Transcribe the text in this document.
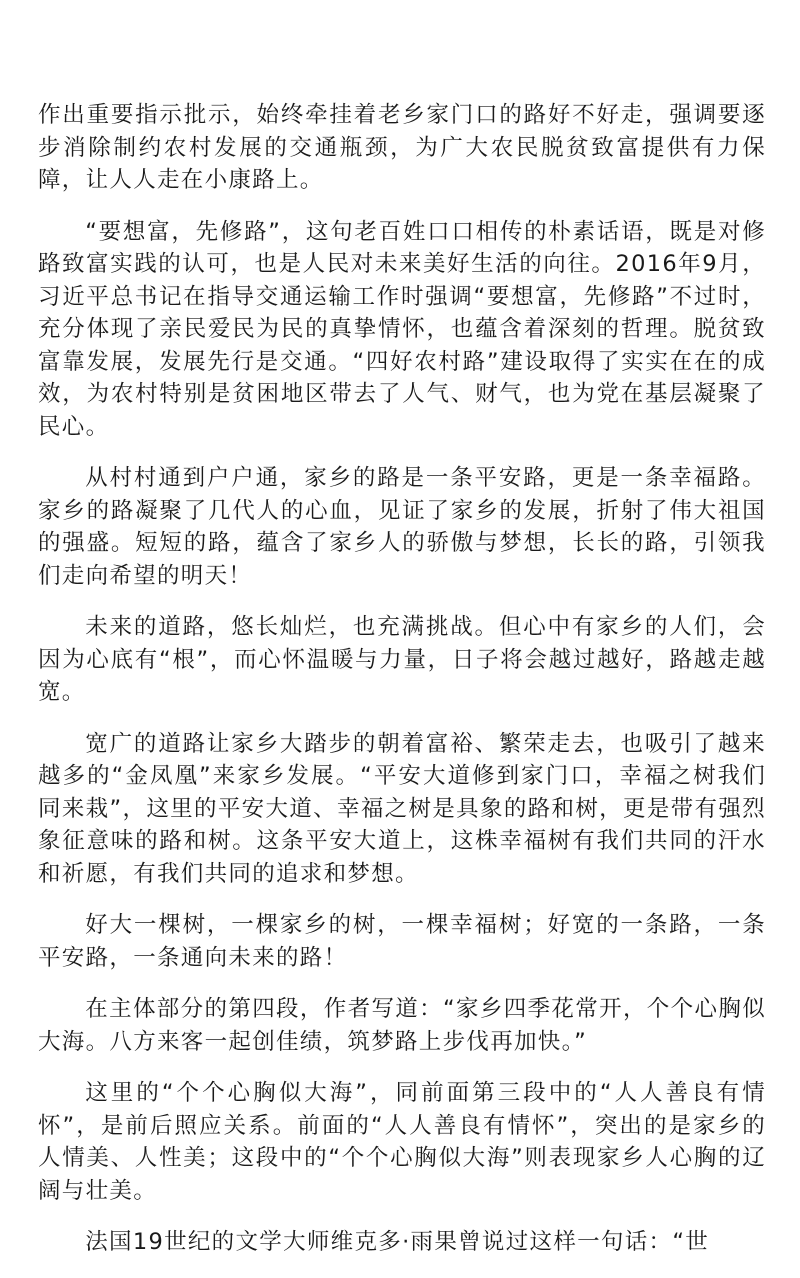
作出重要指示批示，始终牵挂着老乡家门口的路好不好走，强调要逐步消除制约农村发展的交通瓶颈，为广大农民脱贫致富提供有力保障，让人人走在小康路上。

“要想富，先修路”，这句老百姓口口相传的朴素话语，既是对修路致富实践的认可，也是人民对未来美好生活的向往。2016年9月，习近平总书记在指导交通运输工作时强调“要想富，先修路”不过时，充分体现了亲民爱民为民的真挚情怀，也蕴含着深刻的哲理。脱贫致富靠发展，发展先行是交通。“四好农村路”建设取得了实实在在的成效，为农村特别是贫困地区带去了人气、财气，也为党在基层凝聚了民心。

从村村通到户户通，家乡的路是一条平安路，更是一条幸福路。家乡的路凝聚了几代人的心血，见证了家乡的发展，折射了伟大祖国的强盛。短短的路，蕴含了家乡人的骄傲与梦想，长长的路，引领我们走向希望的明天！

未来的道路，悠长灿烂，也充满挑战。但心中有家乡的人们，会因为心底有“根”，而心怀温暖与力量，日子将会越过越好，路越走越宽。

宽广的道路让家乡大踏步的朝着富裕、繁荣走去，也吸引了越来越多的“金凤凰”来家乡发展。“平安大道修到家门口，幸福之树我们同来栽”，这里的平安大道、幸福之树是具象的路和树，更是带有强烈象征意味的路和树。这条平安大道上，这株幸福树有我们共同的汗水和祈愿，有我们共同的追求和梦想。

好大一棵树，一棵家乡的树，一棵幸福树；好宽的一条路，一条平安路，一条通向未来的路！

在主体部分的第四段，作者写道：“家乡四季花常开，个个心胸似大海。八方来客一起创佳绩，筑梦路上步伐再加快。”

这里的“个个心胸似大海”，同前面第三段中的“人人善良有情怀”，是前后照应关系。前面的“人人善良有情怀”，突出的是家乡的人情美、人性美；这段中的“个个心胸似大海”则表现家乡人心胸的辽阔与壮美。

法国19世纪的文学大师维克多·雨果曾说过这样一句话：“世
